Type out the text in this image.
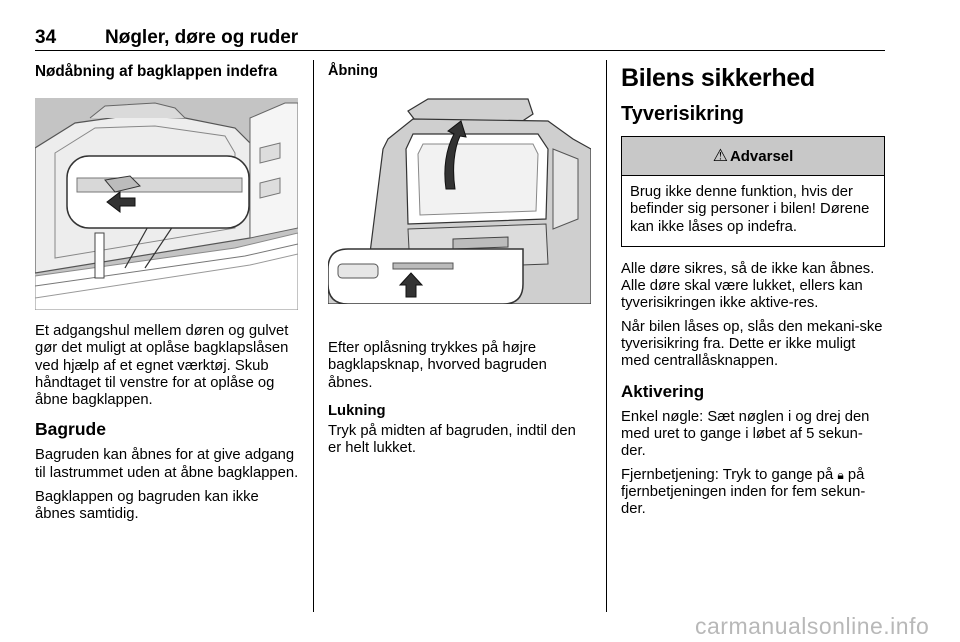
34	Nøgler, døre og ruder
Nødåbning af bagklappen indefra

Et adgangshul mellem døren og gulvet gør det muligt at oplåse bagklapslåsen ved hjælp af et egnet værktøj. Skub håndtaget til venstre for at oplåse og åbne bagklappen.

Bagrude

Bagruden kan åbnes for at give adgang til lastrummet uden at åbne bagklappen.

Bagklappen og bagruden kan ikke åbnes samtidig.

Åbning

Efter oplåsning trykkes på højre bagklapsknap, hvorved bagruden åbnes.

Lukning

Tryk på midten af bagruden, indtil den er helt lukket.

Bilens sikkerhed
Tyverisikring
⚠ Advarsel
Brug ikke denne funktion, hvis der befinder sig personer i bilen! Dørene kan ikke låses op indefra.

Alle døre sikres, så de ikke kan åbnes. Alle døre skal være lukket, ellers kan tyverisikringen ikke aktive-res.

Når bilen låses op, slås den mekani-ske tyverisikring fra. Dette er ikke muligt med centrallåsknappen.

Aktivering

Enkel nøgle: Sæt nøglen i og drej den med uret to gange i løbet af 5 sekun-der.

Fjernbetjening: Tryk to gange på 🔒︎ på fjernbetjeningen inden for fem sekun-der.

carmanualsonline.info
